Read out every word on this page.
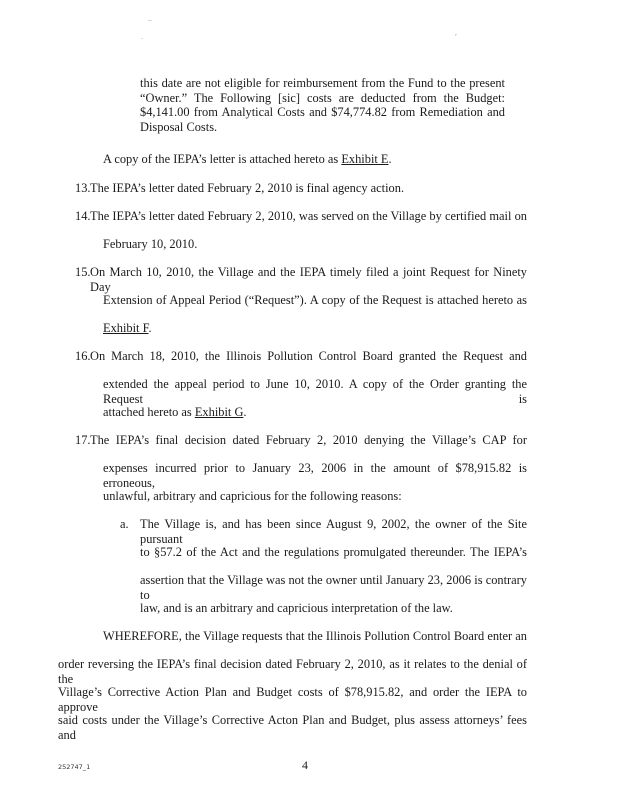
..
.
,
this date are not eligible for reimbursement from the Fund to the present “Owner.” The Following [sic] costs are deducted from the Budget: $4,141.00 from Analytical Costs and $74,774.82 from Remediation and Disposal Costs.
A copy of the IEPA’s letter is attached hereto as Exhibit E.
13. The IEPA’s letter dated February 2, 2010 is final agency action.
14. The IEPA’s letter dated February 2, 2010, was served on the Village by certified mail on
February 10, 2010.
15. On March 10, 2010, the Village and the IEPA timely filed a joint Request for Ninety Day
Extension of Appeal Period (“Request”). A copy of the Request is attached hereto as
Exhibit F.
16. On March 18, 2010, the Illinois Pollution Control Board granted the Request and
extended the appeal period to June 10, 2010. A copy of the Order granting the Request is
attached hereto as Exhibit G.
17. The IEPA’s final decision dated February 2, 2010 denying the Village’s CAP for
expenses incurred prior to January 23, 2006 in the amount of $78,915.82 is erroneous,
unlawful, arbitrary and capricious for the following reasons:
a. The Village is, and has been since August 9, 2002, the owner of the Site pursuant
to §57.2 of the Act and the regulations promulgated thereunder. The IEPA’s
assertion that the Village was not the owner until January 23, 2006 is contrary to
law, and is an arbitrary and capricious interpretation of the law.
WHEREFORE, the Village requests that the Illinois Pollution Control Board enter an
order reversing the IEPA’s final decision dated February 2, 2010, as it relates to the denial of the
Village’s Corrective Action Plan and Budget costs of $78,915.82, and order the IEPA to approve
said costs under the Village’s Corrective Acton Plan and Budget, plus assess attorneys’ fees and
252747_1	4
